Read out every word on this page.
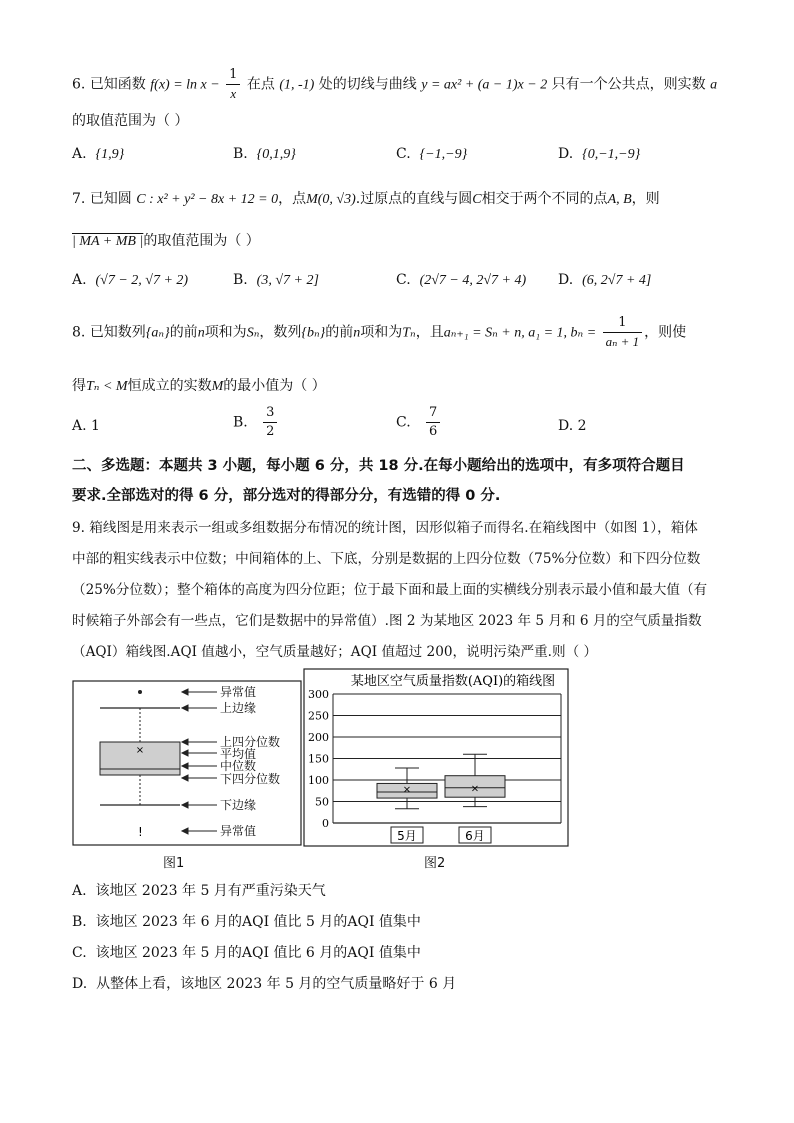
6. 已知函数 $f(x) = \ln x - \frac{1}{x}$ 在点 (1, -1) 处的切线与曲线 y = ax² + (a − 1)x − 2 只有一个公共点，则实数 a
的取值范围为（ ）
A. {1,9}	B. {0,1,9}	C. {−1,−9}	D. {0,−1,−9}
7. 已知圆 C : x² + y² − 8x + 12 = 0，点M(0, √3).过原点的直线与圆C相交于两个不同的点A, B，则
| MA + MB |的取值范围为（ ）
A. (√7 − 2, √7 + 2)	B. (3, √7 + 2]	C. (2√7 − 4, 2√7 + 4) D. (6, 2√7 + 4]
8. 已知数列{aₙ}的前n项和为Sₙ，数列{bₙ}的前n项和为Tₙ，且aₙ₊₁ = Sₙ + n, a₁ = 1, $b_n = \frac{1}{\text{aₙ + 1}}$ ，则使
得Tₙ < M恒成立的实数M的最小值为（ ）
A. 1	B. $\frac{3}{2}$	C. $\frac{7}{6}$	D. 2
二、多选题：本题共 3 小题，每小题 6 分，共 18 分.在每小题给出的选项中，有多项符合题目
要求.全部选对的得 6 分，部分选对的得部分分，有选错的得 0 分.
9. 箱线图是用来表示一组或多组数据分布情况的统计图，因形似箱子而得名.在箱线图中（如图 1），箱体
中部的粗实线表示中位数；中间箱体的上、下底，分别是数据的上四分位数（75%分位数）和下四分位数
（25%分位数）；整个箱体的高度为四分位距；位于最下面和最上面的实横线分别表示最小值和最大值（有
时候箱子外部会有一些点，它们是数据中的异常值）.图 2 为某地区 2023 年 5 月和 6 月的空气质量指数
（AQI）箱线图.AQI 值越小，空气质量越好；AQI 值超过 200，说明污染严重.则（ ）
×
!
异常值
上边缘
上四分位数
平均值
中位数
下四分位数
下边缘
异常值
图1
某地区空气质量指数(AQI)的箱线图
0
50
100
150
200
250
300
×	×
5月	6月
图2
A. 该地区 2023 年 5 月有严重污染天气
B. 该地区 2023 年 6 月的AQI 值比 5 月的AQI 值集中
C. 该地区 2023 年 5 月的AQI 值比 6 月的AQI 值集中
D. 从整体上看，该地区 2023 年 5 月的空气质量略好于 6 月
